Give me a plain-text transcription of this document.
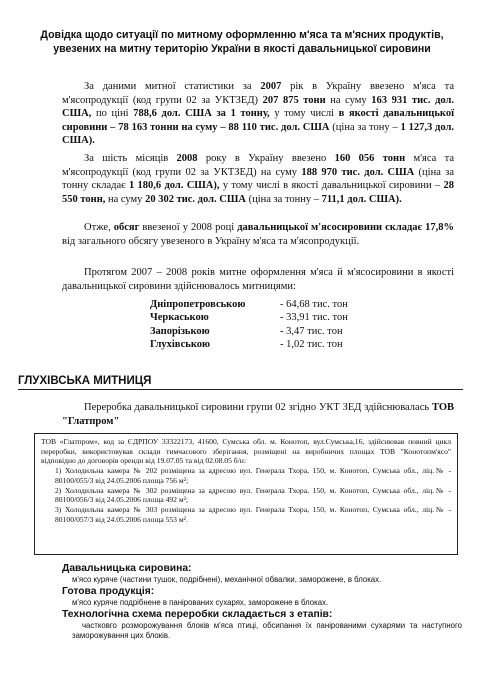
Довідка щодо ситуації по митному оформленню м'яса та м'ясних продуктів, увезених на митну територію України в якості давальницької сировини
За даними митної статистики за 2007 рік в Україну ввезено м'яса та м'ясопродукції (код групи 02 за УКТЗЕД) 207 875 тони на суму 163 931 тис. дол. США, по ціні 788,6 дол. США за 1 тонну, у тому числі в якості давальницької сировини – 78 163 тонни на суму – 88 110 тис. дол. США (ціна за тону – 1 127,3 дол. США).
За шість місяців 2008 року в Україну ввезено 160 056 тонн м'яса та м'ясопродукції (код групи 02 за УКТЗЕД) на суму 188 970 тис. дол. США (ціна за тонну складає 1 180,6 дол. США), у тому числі в якості давальницької сировини – 28 550 тонн, на суму 20 302 тис. дол. США (ціна за тонну – 711,1 дол. США).
Отже, обсяг ввезеної у 2008 році давальницької м'ясосировини складає 17,8% від загального обсягу увезеного в Україну м'яса та м'ясопродукції.
Протягом 2007 – 2008 років митне оформлення м'яса й м'ясосировини в якості давальницької сировини здійснювалось митницями:
Дніпропетровською	- 64,68 тис. тон
Черкаською	- 33,91 тис. тон
Запорізькою	- 3,47 тис. тон
Глухівською	- 1,02 тис. тон
ГЛУХІВСЬКА МИТНИЦЯ
Переробка давальницької сировини групи 02 згідно УКТ ЗЕД здійснювалась ТОВ "Глатпром"

ТОВ «Глатпром», код за ЄДРПОУ 33322173, 41600, Сумська обл. м. Конотоп, вул.Сумська,16, здійснював повний цикл переробки, використовував склади тимчасового зберігання, розміщені на виробничих площах ТОВ "Конотопм'ясо" відповідно до договорів оренди від 19.07.05 та від 02.08.05 б/н:

1) Холодильна камера № 202 розміщена за адресою вул. Генерала Тхора, 150, м. Конотоп, Сумська обл., ліц.№ - 80100/055/3 від 24.05.2006 площа 756 м²;

2) Холодильна камера № 302 розміщена за адресою вул. Генерала Тхора, 150, м. Конотоп, Сумська обл., ліц.№ - 80100/056/3 від 24.05.2006 площа 492 м²;

3) Холодильна камера № 303 розміщена за адресою вул. Генерала Тхора, 150, м. Конотоп, Сумська обл., ліц.№ - 80100/057/3 від 24.05.2006 площа 553 м².

Давальницька сировина:
м'ясо курячe (частини тушок, подрібнені), механічної обвалки, заморожене, в блоках.
Готова продукція:
м'ясо курячe подрібнене в панірованих сухарях, заморожене в блоках.
Технологічна схема переробки складається з етапів:
частковго розморожування блоків м'яса птиці, обсипання їх панірованими сухарями та наступного заморожування цих блоків.
